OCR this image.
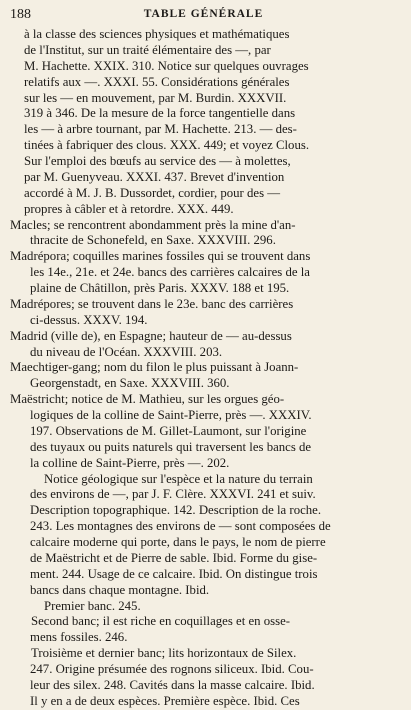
188	TABLE GÉNÉRALE
à la classe des sciences physiques et mathématiques
de l'Institut, sur un traité élémentaire des —, par
M. Hachette. XXIX. 310. Notice sur quelques ouvrages
relatifs aux —. XXXI. 55. Considérations générales
sur les — en mouvement, par M. Burdin. XXXVII.
319 à 346. De la mesure de la force tangentielle dans
les — à arbre tournant, par M. Hachette. 213. — des-
tinées à fabriquer des clous. XXX. 449; et voyez Clous.
Sur l'emploi des bœufs au service des — à molettes,
par M. Guenyveau. XXXI. 437. Brevet d'invention
accordé à M. J. B. Dussordet, cordier, pour des —
propres à câbler et à retordre. XXX. 449.
Macles; se rencontrent abondamment près la mine d'an-
thracite de Schonefeld, en Saxe. XXXVIII. 296.
Madrépora; coquilles marines fossiles qui se trouvent dans
les 14e., 21e. et 24e. bancs des carrières calcaires de la
plaine de Châtillon, près Paris. XXXV. 188 et 195.
Madrépores; se trouvent dans le 23e. banc des carrières
ci-dessus. XXXV. 194.
Madrid (ville de), en Espagne; hauteur de — au-dessus
du niveau de l'Océan. XXXVIII. 203.
Maechtiger-gang; nom du filon le plus puissant à Joann-
Georgenstadt, en Saxe. XXXVIII. 360.
Maëstricht; notice de M. Mathieu, sur les orgues géo-
logiques de la colline de Saint-Pierre, près —. XXXIV.
197. Observations de M. Gillet-Laumont, sur l'origine
des tuyaux ou puits naturels qui traversent les bancs de
la colline de Saint-Pierre, près —. 202.
Notice géologique sur l'espèce et la nature du terrain
des environs de —, par J. F. Clère. XXXVI. 241 et suiv.
Description topographique. 142. Description de la roche.
243. Les montagnes des environs de — sont composées de
calcaire moderne qui porte, dans le pays, le nom de pierre
de Maëstricht et de Pierre de sable. Ibid. Forme du gise-
ment. 244. Usage de ce calcaire. Ibid. On distingue trois
bancs dans chaque montagne. Ibid.
Premier banc. 245.
Second banc; il est riche en coquillages et en osse-
mens fossiles. 246.
Troisième et dernier banc; lits horizontaux de Silex.
247. Origine présumée des rognons siliceux. Ibid. Cou-
leur des silex. 248. Cavités dans la masse calcaire. Ibid.
Il y en a de deux espèces. Première espèce. Ibid. Ces
